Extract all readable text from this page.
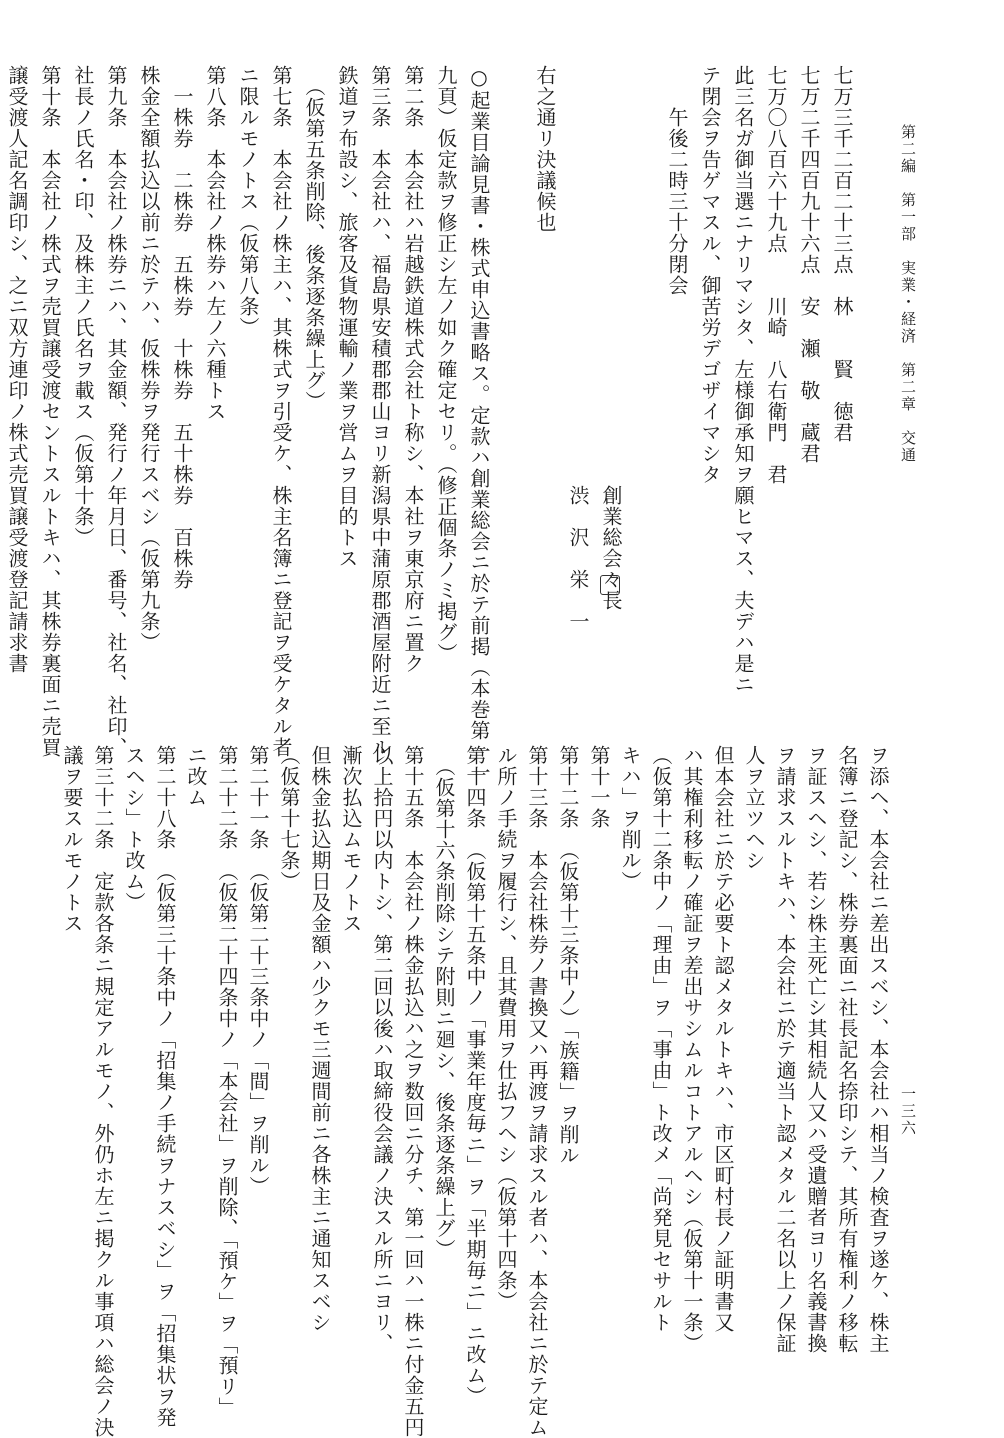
第二編　第一部　実業・経済　第二章　交通
一三六
七万三千二百二十三点　林　　賢　徳君
七万二千四百九十六点　安　瀬　敬　蔵君
七万〇八百六十九点　　川崎　八右衛門　君
此三名ガ御当選ニナリマシタ、左様御承知ヲ願ヒマス、夫デハ是ニ
テ閉会ヲ告ゲマスル、御苦労デゴザイマシタ
　　午後二時三十分閉会
　　　　　　　　　　　　　　　　　　　　創業総会々長
　　　　　　　　　　　　　　　　　　　　渋　沢　栄　一
右之通リ決議候也
○起業目論見書・株式申込書略ス。定款ハ創業総会ニ於テ前掲（本巻第一一
九頁）仮定款ヲ修正シ左ノ如ク確定セリ。（修正個条ノミ掲グ）
第二条　本会社ハ岩越鉄道株式会社ト称シ、本社ヲ東京府ニ置ク
第三条　本会社ハ、福島県安積郡郡山ヨリ新潟県中蒲原郡酒屋附近ニ至ル
鉄道ヲ布設シ、旅客及貨物運輸ノ業ヲ営ムヲ目的トス
　（仮第五条削除、後条逐条繰上グ）
第七条　本会社ノ株主ハ、其株式ヲ引受ケ、株主名簿ニ登記ヲ受ケタル者
ニ限ルモノトス（仮第八条）
第八条　本会社ノ株券ハ左ノ六種トス
　一株券　二株券　五株券　十株券　五十株券　百株券
株金全額払込以前ニ於テハ、仮株券ヲ発行スベシ（仮第九条）
第九条　本会社ノ株券ニハ、其金額、発行ノ年月日、番号、社名、社印、
社長ノ氏名・印、及株主ノ氏名ヲ載ス（仮第十条）
第十条　本会社ノ株式ヲ売買譲受渡セントスルトキハ、其株券裏面ニ売買
譲受渡人記名調印シ、之ニ双方連印ノ株式売買譲受渡登記請求書
ヲ添ヘ、本会社ニ差出スベシ、本会社ハ相当ノ検査ヲ遂ケ、株主
名簿ニ登記シ、株券裏面ニ社長記名捺印シテ、其所有権利ノ移転
ヲ証スヘシ、若シ株主死亡シ其相続人又ハ受遺贈者ヨリ名義書換
ヲ請求スルトキハ、本会社ニ於テ適当ト認メタル二名以上ノ保証
人ヲ立ツヘシ
但本会社ニ於テ必要ト認メタルトキハ、市区町村長ノ証明書又
ハ其権利移転ノ確証ヲ差出サシムルコトアルヘシ（仮第十一条）
（仮第十二条中ノ「理由」ヲ「事由」ト改メ「尚発見セサルト
キハ」ヲ削ル）
第十一条
第十二条　（仮第十三条中ノ）「族籍」ヲ削ル
第十三条　本会社株券ノ書換又ハ再渡ヲ請求スル者ハ、本会社ニ於テ定ム
ル所ノ手続ヲ履行シ、且其費用ヲ仕払フヘシ（仮第十四条）
第十四条　（仮第十五条中ノ「事業年度毎ニ」ヲ「半期毎ニ」ニ改ム）
　（仮第十六条削除シテ附則ニ廻シ、後条逐条繰上グ）
第十五条　本会社ノ株金払込ハ之ヲ数回ニ分チ、第一回ハ一株ニ付金五円
以上拾円以内トシ、第二回以後ハ取締役会議ノ決スル所ニヨリ、
漸次払込ムモノトス
但株金払込期日及金額ハ少クモ三週間前ニ各株主ニ通知スベシ
（仮第十七条）
第二十一条　（仮第二十三条中ノ「間」ヲ削ル）
第二十二条　（仮第二十四条中ノ「本会社」ヲ削除、「預ケ」ヲ「預リ」
ニ改ム
第二十八条　（仮第三十条中ノ「招集ノ手続ヲナスベシ」ヲ「招集状ヲ発
スヘシ」ト改ム）
第三十二条　定款各条ニ規定アルモノ、外仍ホ左ニ掲クル事項ハ総会ノ決
議ヲ要スルモノトス
